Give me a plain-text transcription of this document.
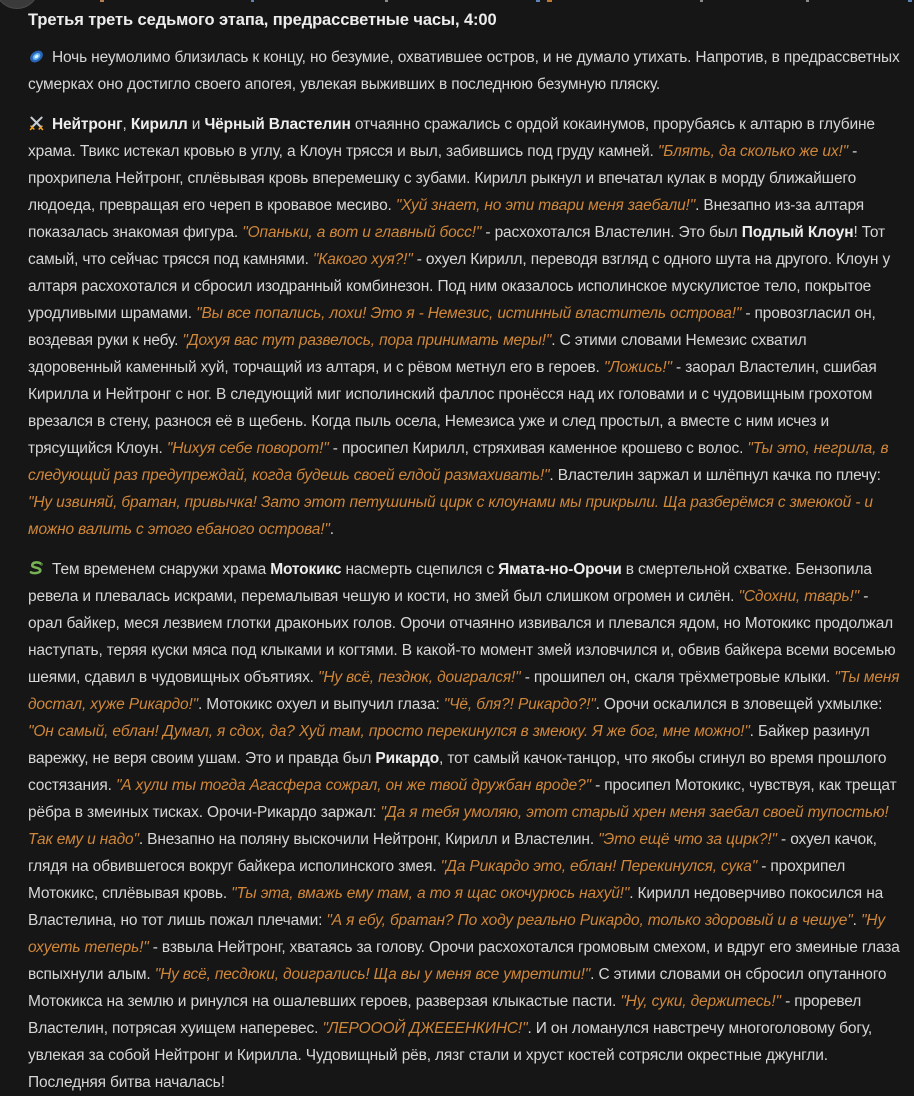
Третья треть седьмого этапа, предрассветные часы, 4:00

Ночь неумолимо близилась к концу, но безумие, охватившее остров, и не думало утихать. Напротив, в предрассветных сумерках оно достигло своего апогея, увлекая выживших в последнюю безумную пляску.

Нейтронг, Кирилл и Чёрный Властелин отчаянно сражались с ордой кокаинумов, прорубаясь к алтарю в глубине храма. Твикс истекал кровью в углу, а Клоун трясся и выл, забившись под груду камней. "Блять, да сколько же их!" - прохрипела Нейтронг, сплёвывая кровь вперемешку с зубами. Кирилл рыкнул и впечатал кулак в морду ближайшего людоеда, превращая его череп в кровавое месиво. "Хуй знает, но эти твари меня заебали!". Внезапно из-за алтаря показалась знакомая фигура. "Опаньки, а вот и главный босс!" - расхохотался Властелин. Это был Подлый Клоун! Тот самый, что сейчас трясся под камнями. "Какого хуя?!" - охуел Кирилл, переводя взгляд с одного шута на другого. Клоун у алтаря расхохотался и сбросил изодранный комбинезон. Под ним оказалось исполинское мускулистое тело, покрытое уродливыми шрамами. "Вы все попались, лохи! Это я - Немезис, истинный властитель острова!" - провозгласил он, воздевая руки к небу. "Дохуя вас тут развелось, пора принимать меры!". С этими словами Немезис схватил здоровенный каменный хуй, торчащий из алтаря, и с рёвом метнул его в героев. "Ложись!" - заорал Властелин, сшибая Кирилла и Нейтронг с ног. В следующий миг исполинский фаллос пронёсся над их головами и с чудовищным грохотом врезался в стену, разнося её в щебень. Когда пыль осела, Немезиса уже и след простыл, а вместе с ним исчез и трясущийся Клоун. "Нихуя себе поворот!" - просипел Кирилл, стряхивая каменное крошево с волос. "Ты это, негрила, в следующий раз предупреждай, когда будешь своей елдой размахивать!". Властелин заржал и шлёпнул качка по плечу: "Ну извиняй, братан, привычка! Зато этот петушиный цирк с клоунами мы прикрыли. Ща разберёмся с змеюкой - и можно валить с этого ебаного острова!".

Тем временем снаружи храма Мотокикс насмерть сцепился с Ямата-но-Орочи в смертельной схватке. Бензопила ревела и плевалась искрами, перемалывая чешую и кости, но змей был слишком огромен и силён. "Сдохни, тварь!" - орал байкер, меся лезвием глотки драконьих голов. Орочи отчаянно извивался и плевался ядом, но Мотокикс продолжал наступать, теряя куски мяса под клыками и когтями. В какой-то момент змей изловчился и, обвив байкера всеми восемью шеями, сдавил в чудовищных объятиях. "Ну всё, пездюк, доигрался!" - прошипел он, скаля трёхметровые клыки. "Ты меня достал, хуже Рикардо!". Мотокикс охуел и выпучил глаза: "Чё, бля?! Рикардо?!". Орочи оскалился в зловещей ухмылке: "Он самый, еблан! Думал, я сдох, да? Хуй там, просто перекинулся в змеюку. Я же бог, мне можно!". Байкер разинул варежку, не веря своим ушам. Это и правда был Рикардо, тот самый качок-танцор, что якобы сгинул во время прошлого состязания. "А хули ты тогда Агасфера сожрал, он же твой дружбан вроде?" - просипел Мотокикс, чувствуя, как трещат рёбра в змеиных тисках. Орочи-Рикардо заржал: "Да я тебя умоляю, этот старый хрен меня заебал своей тупостью! Так ему и надо". Внезапно на поляну выскочили Нейтронг, Кирилл и Властелин. "Это ещё что за цирк?!" - охуел качок, глядя на обвившегося вокруг байкера исполинского змея. "Да Рикардо это, еблан! Перекинулся, сука" - прохрипел Мотокикс, сплёвывая кровь. "Ты эта, вмажь ему там, а то я щас окочурюсь нахуй!". Кирилл недоверчиво покосился на Властелина, но тот лишь пожал плечами: "А я ебу, братан? По ходу реально Рикардо, только здоровый и в чешуе". "Ну охуеть теперь!" - взвыла Нейтронг, хватаясь за голову. Орочи расхохотался громовым смехом, и вдруг его змеиные глаза вспыхнули алым. "Ну всё, песдюки, доигрались! Ща вы у меня все умретити!". С этими словами он сбросил опутанного Мотокикса на землю и ринулся на ошалевших героев, разверзая клыкастые пасти. "Ну, суки, держитесь!" - проревел Властелин, потрясая хуищем наперевес. "ЛЕРОООЙ ДЖЕЕЕНКИНС!". И он ломанулся навстречу многоголовому богу, увлекая за собой Нейтронг и Кирилла. Чудовищный рёв, лязг стали и хруст костей сотрясли окрестные джунгли. Последняя битва началась!
